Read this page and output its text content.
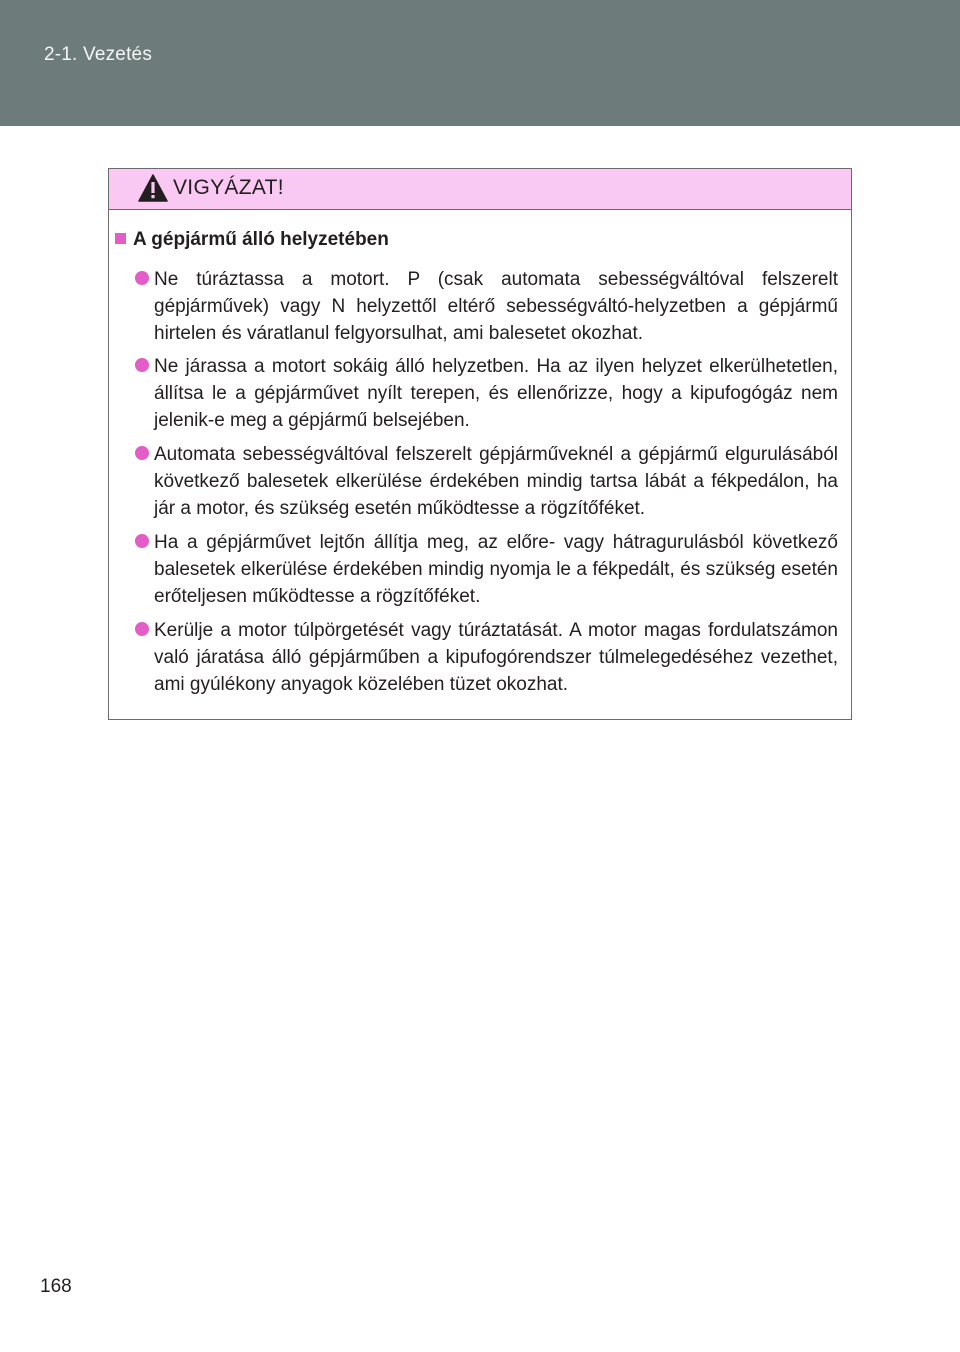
2-1. Vezetés
VIGYÁZAT!
A gépjármű álló helyzetében

Ne túráztassa a motort. P (csak automata sebességváltóval felszerelt gépjárművek) vagy N helyzettől eltérő sebességváltó-helyzetben a gépjármű hirtelen és váratlanul felgyorsulhat, ami balesetet okozhat.

Ne járassa a motort sokáig álló helyzetben. Ha az ilyen helyzet elkerülhetetlen, állítsa le a gépjárművet nyílt terepen, és ellenőrizze, hogy a kipufogógáz nem jelenik-e meg a gépjármű belsejében.

Automata sebességváltóval felszerelt gépjárműveknél a gépjármű elgurulásából következő balesetek elkerülése érdekében mindig tartsa lábát a fékpedálon, ha jár a motor, és szükség esetén működtesse a rögzítőféket.

Ha a gépjárművet lejtőn állítja meg, az előre- vagy hátragurulásból következő balesetek elkerülése érdekében mindig nyomja le a fékpedált, és szükség esetén erőteljesen működtesse a rögzítőféket.

Kerülje a motor túlpörgetését vagy túráztatását. A motor magas fordulatszámon való járatása álló gépjárműben a kipufogórendszer túlmelegedéséhez vezethet, ami gyúlékony anyagok közelében tüzet okozhat.

168
